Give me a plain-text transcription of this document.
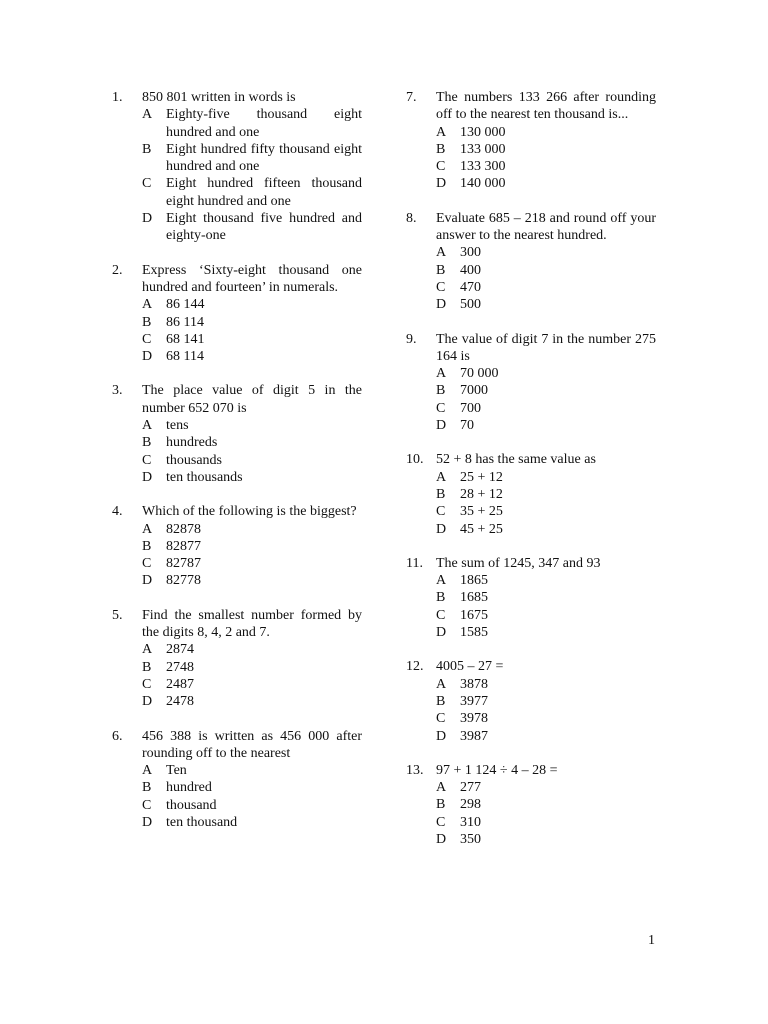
1. 850 801 written in words is
A Eighty-five thousand eight hundred and one
B Eight hundred fifty thousand eight hundred and one
C Eight hundred fifteen thousand eight hundred and one
D Eight thousand five hundred and eighty-one
2. Express ‘Sixty-eight thousand one hundred and fourteen’ in numerals.
A 86 144
B 86 114
C 68 141
D 68 114
3. The place value of digit 5 in the number 652 070 is
A tens
B hundreds
C thousands
D ten thousands
4. Which of the following is the biggest?
A 82878
B 82877
C 82787
D 82778
5. Find the smallest number formed by the digits 8, 4, 2 and 7.
A 2874
B 2748
C 2487
D 2478
6. 456 388 is written as 456 000 after rounding off to the nearest
A Ten
B hundred
C thousand
D ten thousand
7. The numbers 133 266 after rounding off to the nearest ten thousand is...
A 130 000
B 133 000
C 133 300
D 140 000
8. Evaluate 685 – 218 and round off your answer to the nearest hundred.
A 300
B 400
C 470
D 500
9. The value of digit 7 in the number 275 164 is
A 70 000
B 7000
C 700
D 70
10. 52 + 8 has the same value as
A 25 + 12
B 28 + 12
C 35 + 25
D 45 + 25
11. The sum of 1245, 347 and 93
A 1865
B 1685
C 1675
D 1585
12. 4005 – 27 =
A 3878
B 3977
C 3978
D 3987
13. 97 + 1 124 ÷ 4 – 28 =
A 277
B 298
C 310
D 350
1
